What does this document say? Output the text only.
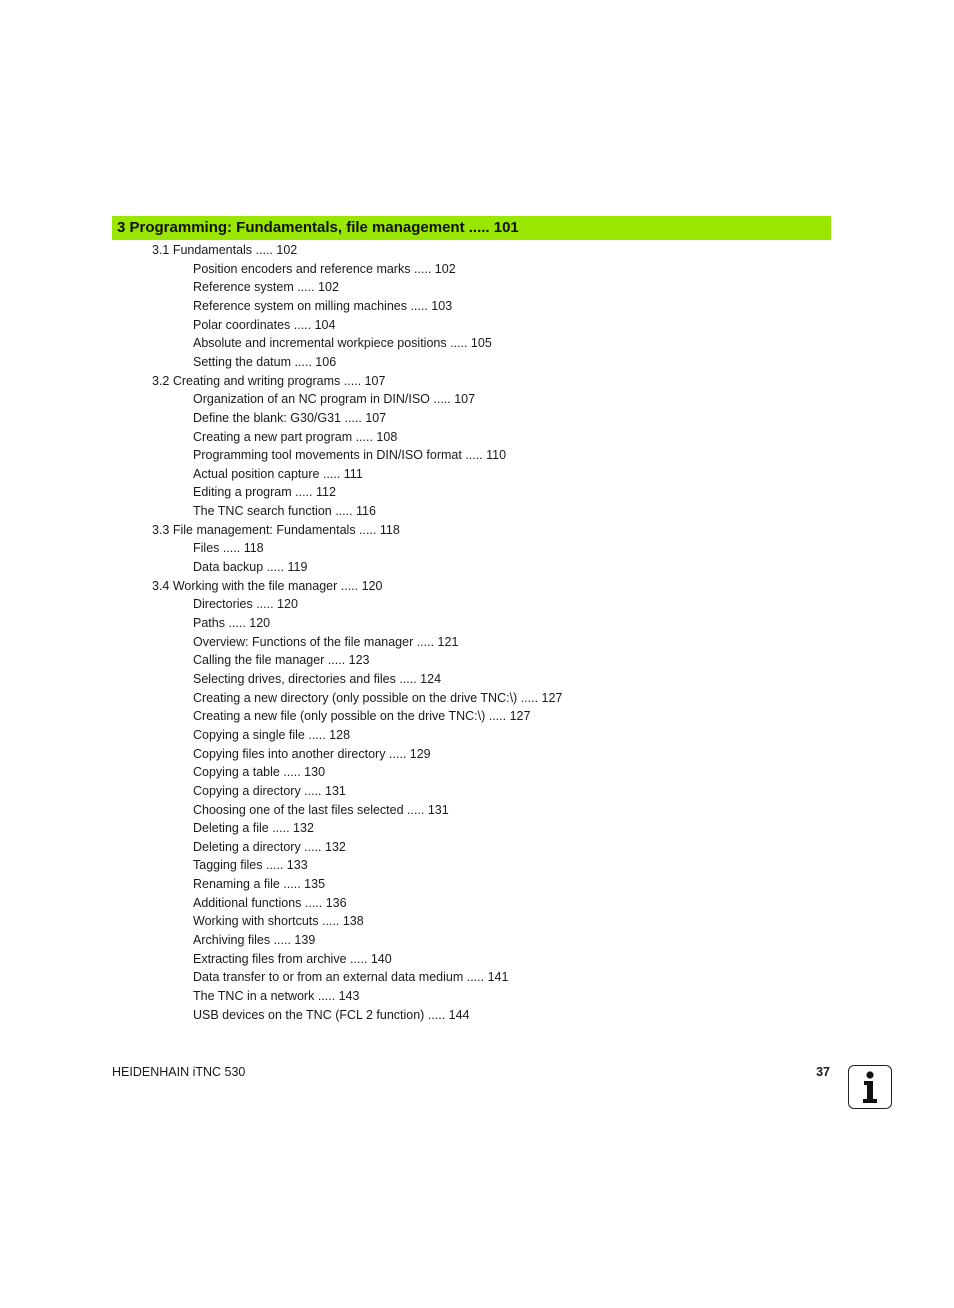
3 Programming: Fundamentals, file management ..... 101
3.1 Fundamentals ..... 102
Position encoders and reference marks ..... 102
Reference system ..... 102
Reference system on milling machines ..... 103
Polar coordinates ..... 104
Absolute and incremental workpiece positions ..... 105
Setting the datum ..... 106
3.2 Creating and writing programs ..... 107
Organization of an NC program in DIN/ISO ..... 107
Define the blank: G30/G31 ..... 107
Creating a new part program ..... 108
Programming tool movements in DIN/ISO format ..... 110
Actual position capture ..... 111
Editing a program ..... 112
The TNC search function ..... 116
3.3 File management: Fundamentals ..... 118
Files ..... 118
Data backup ..... 119
3.4 Working with the file manager ..... 120
Directories ..... 120
Paths ..... 120
Overview: Functions of the file manager ..... 121
Calling the file manager ..... 123
Selecting drives, directories and files ..... 124
Creating a new directory (only possible on the drive TNC:\) ..... 127
Creating a new file (only possible on the drive TNC:\) ..... 127
Copying a single file ..... 128
Copying files into another directory ..... 129
Copying a table ..... 130
Copying a directory ..... 131
Choosing one of the last files selected ..... 131
Deleting a file ..... 132
Deleting a directory ..... 132
Tagging files ..... 133
Renaming a file ..... 135
Additional functions ..... 136
Working with shortcuts ..... 138
Archiving files ..... 139
Extracting files from archive ..... 140
Data transfer to or from an external data medium ..... 141
The TNC in a network ..... 143
USB devices on the TNC (FCL 2 function) ..... 144
HEIDENHAIN iTNC 530	37
